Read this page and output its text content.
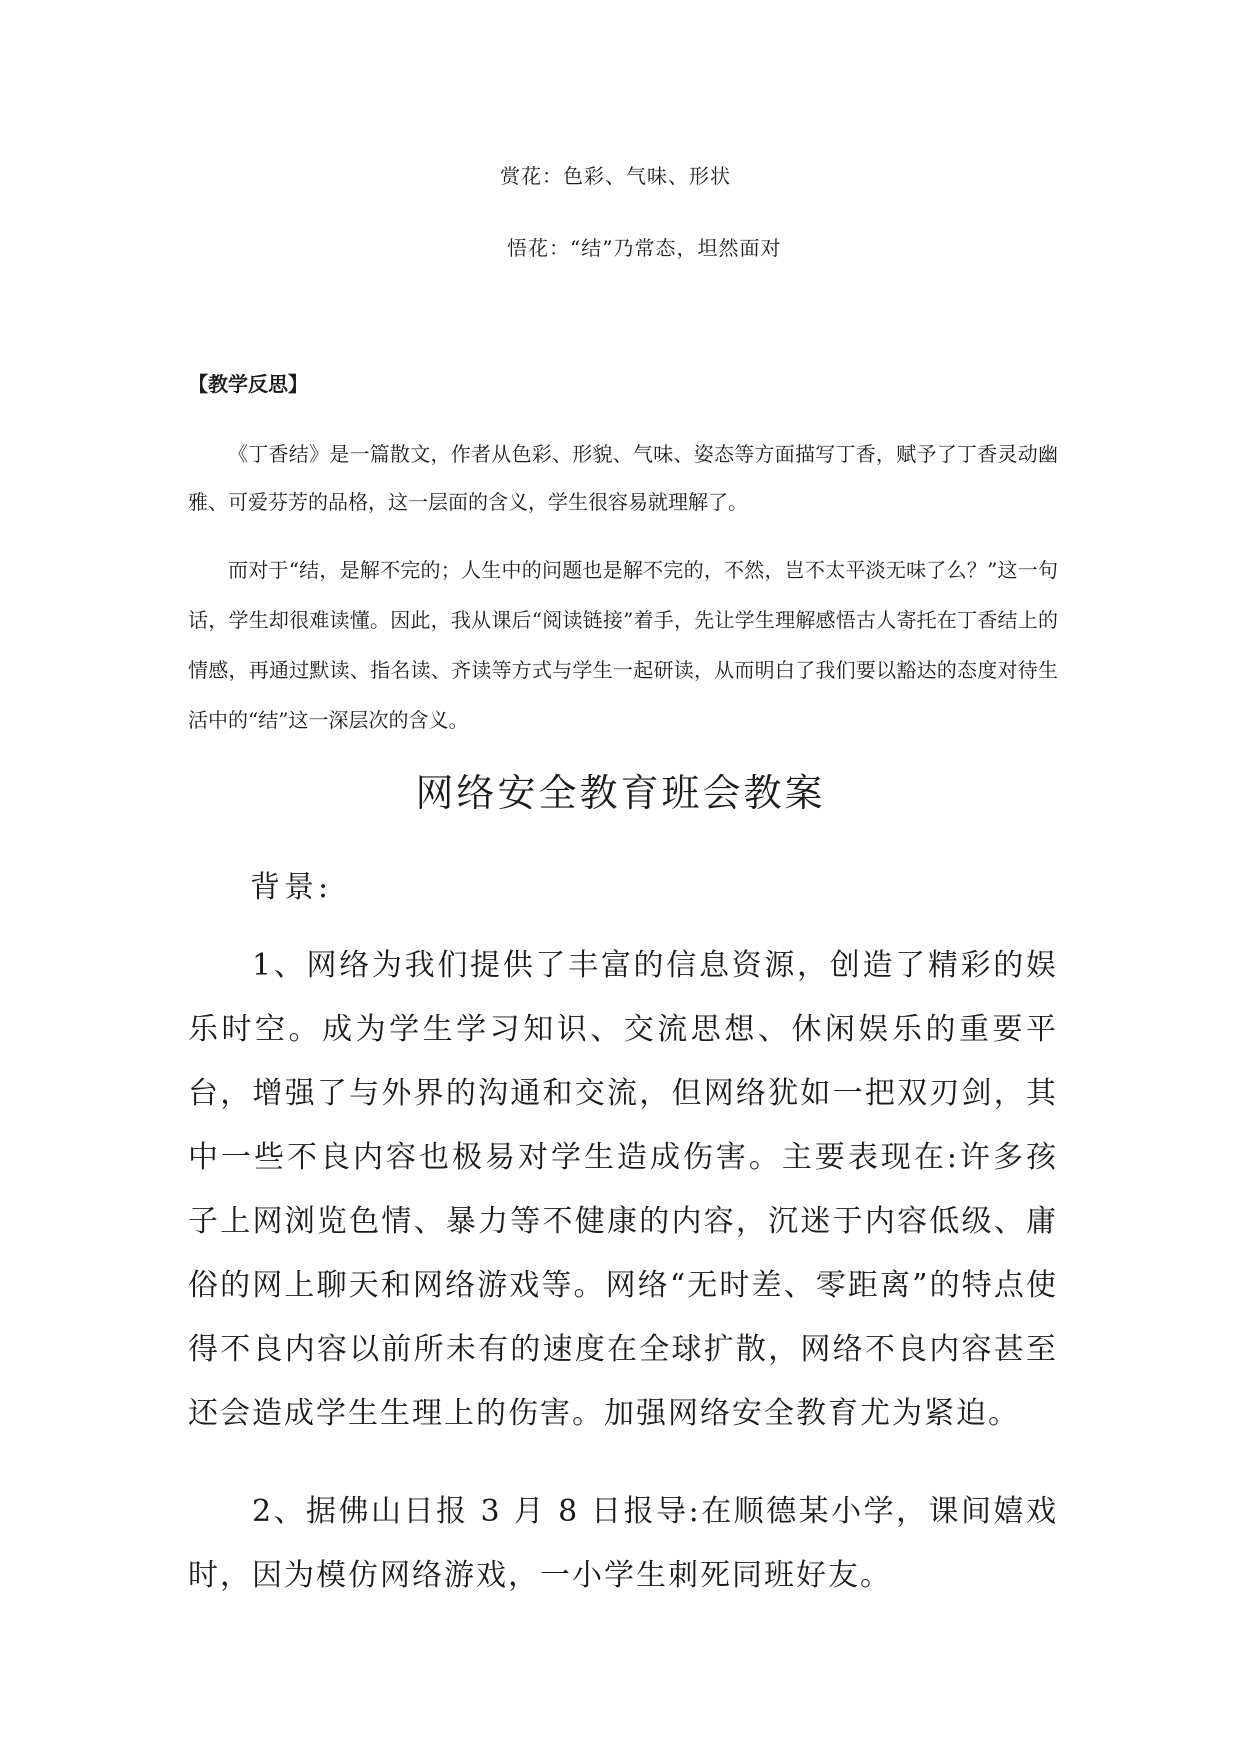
赏花：色彩、气味、形状
悟花：“结”乃常态，坦然面对
【教学反思】

《丁香结》是一篇散文，作者从色彩、形貌、气味、姿态等方面描写丁香，赋予了丁香灵动幽雅、可爱芬芳的品格，这一层面的含义，学生很容易就理解了。

而对于“结，是解不完的；人生中的问题也是解不完的，不然，岂不太平淡无味了么？”这一句话，学生却很难读懂。因此，我从课后“阅读链接”着手，先让学生理解感悟古人寄托在丁香结上的情感，再通过默读、指名读、齐读等方式与学生一起研读，从而明白了我们要以豁达的态度对待生活中的“结”这一深层次的含义。

网络安全教育班会教案
背景:

1、网络为我们提供了丰富的信息资源，创造了精彩的娱乐时空。成为学生学习知识、交流思想、休闲娱乐的重要平台，增强了与外界的沟通和交流，但网络犹如一把双刃剑，其中一些不良内容也极易对学生造成伤害。主要表现在:许多孩子上网浏览色情、暴力等不健康的内容，沉迷于内容低级、庸俗的网上聊天和网络游戏等。网络“无时差、零距离”的特点使得不良内容以前所未有的速度在全球扩散，网络不良内容甚至还会造成学生生理上的伤害。加强网络安全教育尤为紧迫。

2、据佛山日报 3 月 8 日报导:在顺德某小学，课间嬉戏时，因为模仿网络游戏，一小学生刺死同班好友。
